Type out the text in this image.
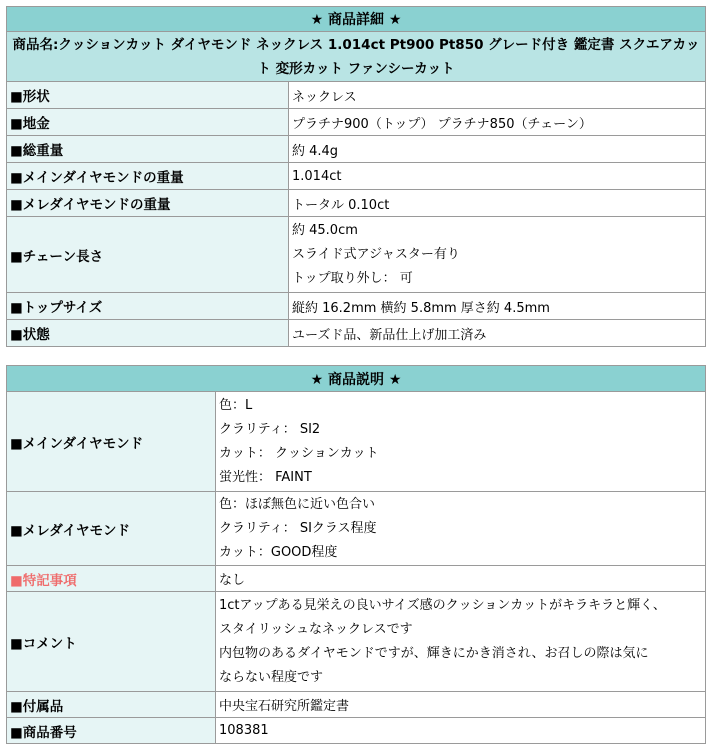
★ 商品詳細 ★	
商品名:クッションカット ダイヤモンド ネックレス 1.014ct Pt900 Pt850 グレード付き 鑑定書 スクエアカット 変形カット ファンシーカット	
■形状	ネックレス
■地金	プラチナ900（トップ） プラチナ850（チェーン）
■総重量	約 4.4g
■メインダイヤモンドの重量	1.014ct
■メレダイヤモンドの重量	トータル 0.10ct
■チェーン長さ	約 45.0cm
スライド式アジャスター有り
トップ取り外し： 可

■トップサイズ	縦約 16.2mm 横約 5.8mm 厚さ約 4.5mm
■状態	ユーズド品、新品仕上げ加工済み
★ 商品説明 ★	
■メインダイヤモンド	色：L
クラリティ： SI2
カット： クッションカット
蛍光性： FAINT

■メレダイヤモンド	色：ほぼ無色に近い色合い
クラリティ： SIクラス程度
カット：GOOD程度

■特記事項	なし
■コメント	1ctアップある見栄えの良いサイズ感のクッションカットがキラキラと輝く、
スタイリッシュなネックレスです
内包物のあるダイヤモンドですが、輝きにかき消され、お召しの際は気に
ならない程度です

■付属品	中央宝石研究所鑑定書
■商品番号	108381
